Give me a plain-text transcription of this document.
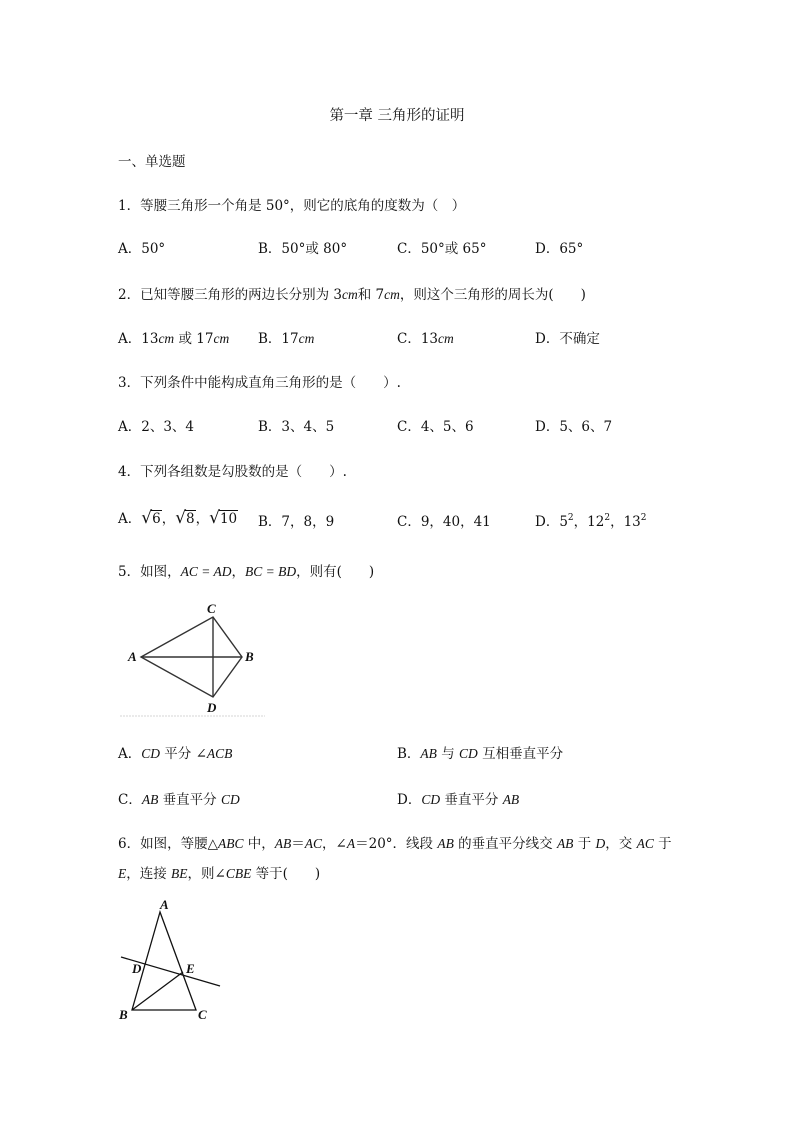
第一章 三角形的证明
一、单选题
1．等腰三角形一个角是 50°，则它的底角的度数为（　）
A．50°	B．50°或 80°	C．50°或 65°	D．65°
2．已知等腰三角形的两边长分别为 3cm和 7cm，则这个三角形的周长为(　　)
A．13cm 或 17cm B．17cm	C．13cm	D．不确定
3．下列条件中能构成直角三角形的是（　　）.
A．2、3、4	B．3、4、5	C．4、5、6	D．5、6、7
4．下列各组数是勾股数的是（　　）.
A．√6，√8，√10 B．7，8，9	C．9，40，41	D．$5^2$，$12^2$，$13^2$
5．如图，AC = AD，BC = BD，则有(　　)
C
A	B
D
A．CD 平分 ∠ACB	B．AB 与 CD 互相垂直平分
C．AB 垂直平分 CD	D．CD 垂直平分 AB
6．如图，等腰△ABC 中，AB＝AC，∠A＝20°．线段 AB 的垂直平分线交 AB 于 D，交 AC 于
E，连接 BE，则∠CBE 等于(　　)
A
D	E
B	C
